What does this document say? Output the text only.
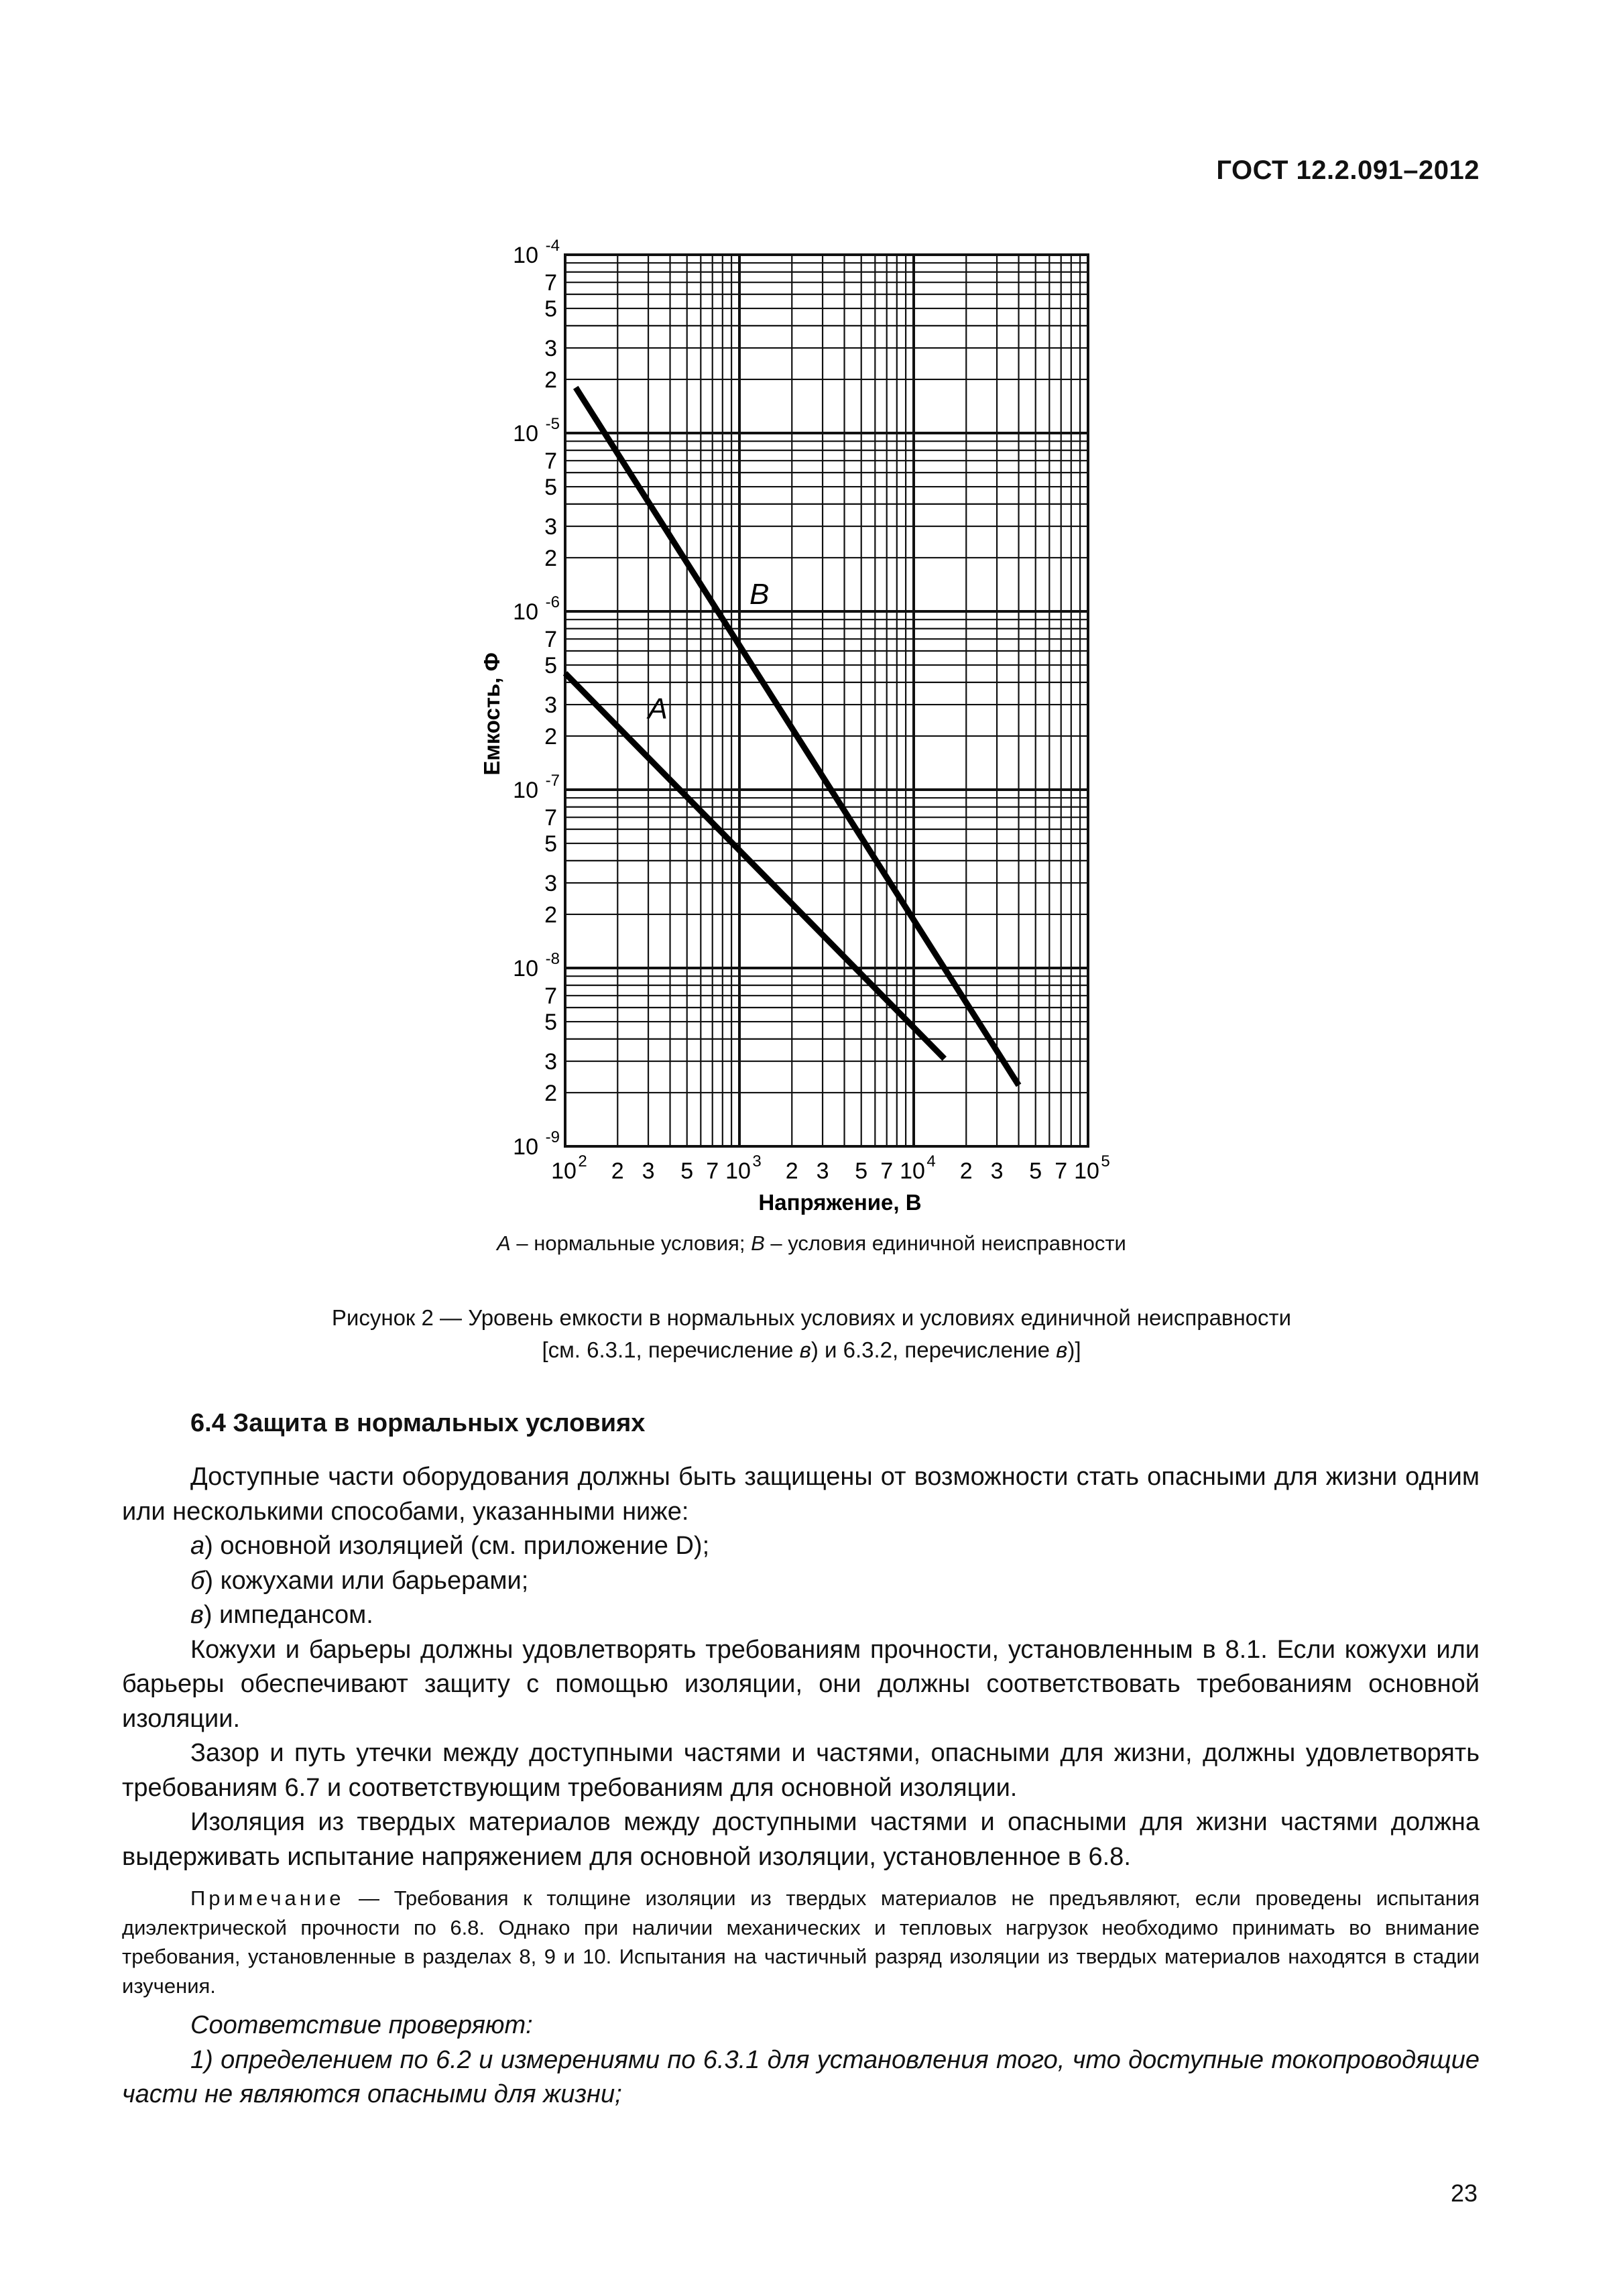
ГОСТ 12.2.091–2012
10 -4
7
5
3
2
10 -5
7
5
3
2
10 -6
7
5
3
2
10 -7
7
5
3
2
10 -8
7
5
3
2
10 -9
10 2 2 3 5 7 10 3 2 3 5 7 10 4 2 3 5 7 10 5
Емкость, Ф
Напряжение, В
B
A
А – нормальные условия; В – условия единичной неисправности
Рисунок 2 — Уровень емкости в нормальных условиях и условиях единичной неисправности
[см. 6.3.1, перечисление в) и 6.3.2, перечисление в)]
6.4 Защита в нормальных условиях

Доступные части оборудования должны быть защищены от возможности стать опасными для жизни одним или несколькими способами, указанными ниже:

а) основной изоляцией (см. приложение D);
б) кожухами или барьерами;
в) импедансом.

Кожухи и барьеры должны удовлетворять требованиям прочности, установленным в 8.1. Если кожухи или барьеры обеспечивают защиту с помощью изоляции, они должны соответствовать требованиям основной изоляции.

Зазор и путь утечки между доступными частями и частями, опасными для жизни, должны удовлетворять требованиям 6.7 и соответствующим требованиям для основной изоляции.

Изоляция из твердых материалов между доступными частями и опасными для жизни частями должна выдерживать испытание напряжением для основной изоляции, установленное в 6.8.

Примечание — Требования к толщине изоляции из твердых материалов не предъявляют, если проведены испытания диэлектрической прочности по 6.8. Однако при наличии механических и тепловых нагрузок необходимо принимать во внимание требования, установленные в разделах 8, 9 и 10. Испытания на частичный разряд изоляции из твердых материалов находятся в стадии изучения.

Соответствие проверяют:

1) определением по 6.2 и измерениями по 6.3.1 для установления того, что доступные токопроводящие части не являются опасными для жизни;

23
